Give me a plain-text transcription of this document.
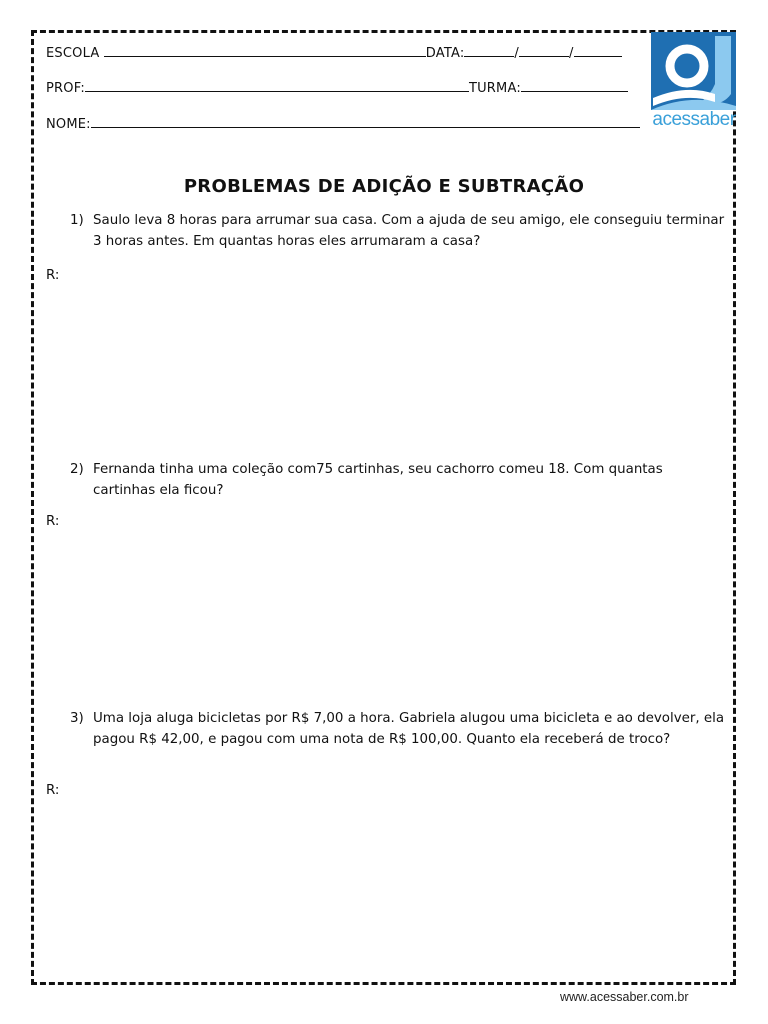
ESCOLA	DATA:	/	/
PROF:	TURMA:
NOME:	acessaber
PROBLEMAS DE ADIÇÃO E SUBTRAÇÃO
1) Saulo leva 8 horas para arrumar sua casa. Com a ajuda de seu amigo, ele conseguiu terminar 3 horas antes. Em quantas horas eles arrumaram a casa?
R:
2) Fernanda tinha uma coleção com75 cartinhas, seu cachorro comeu 18. Com quantas cartinhas ela ficou?
R:
3) Uma loja aluga bicicletas por R$ 7,00 a hora. Gabriela alugou uma bicicleta e ao devolver, ela pagou R$ 42,00, e pagou com uma nota de R$ 100,00. Quanto ela receberá de troco?
R:
www.acessaber.com.br
